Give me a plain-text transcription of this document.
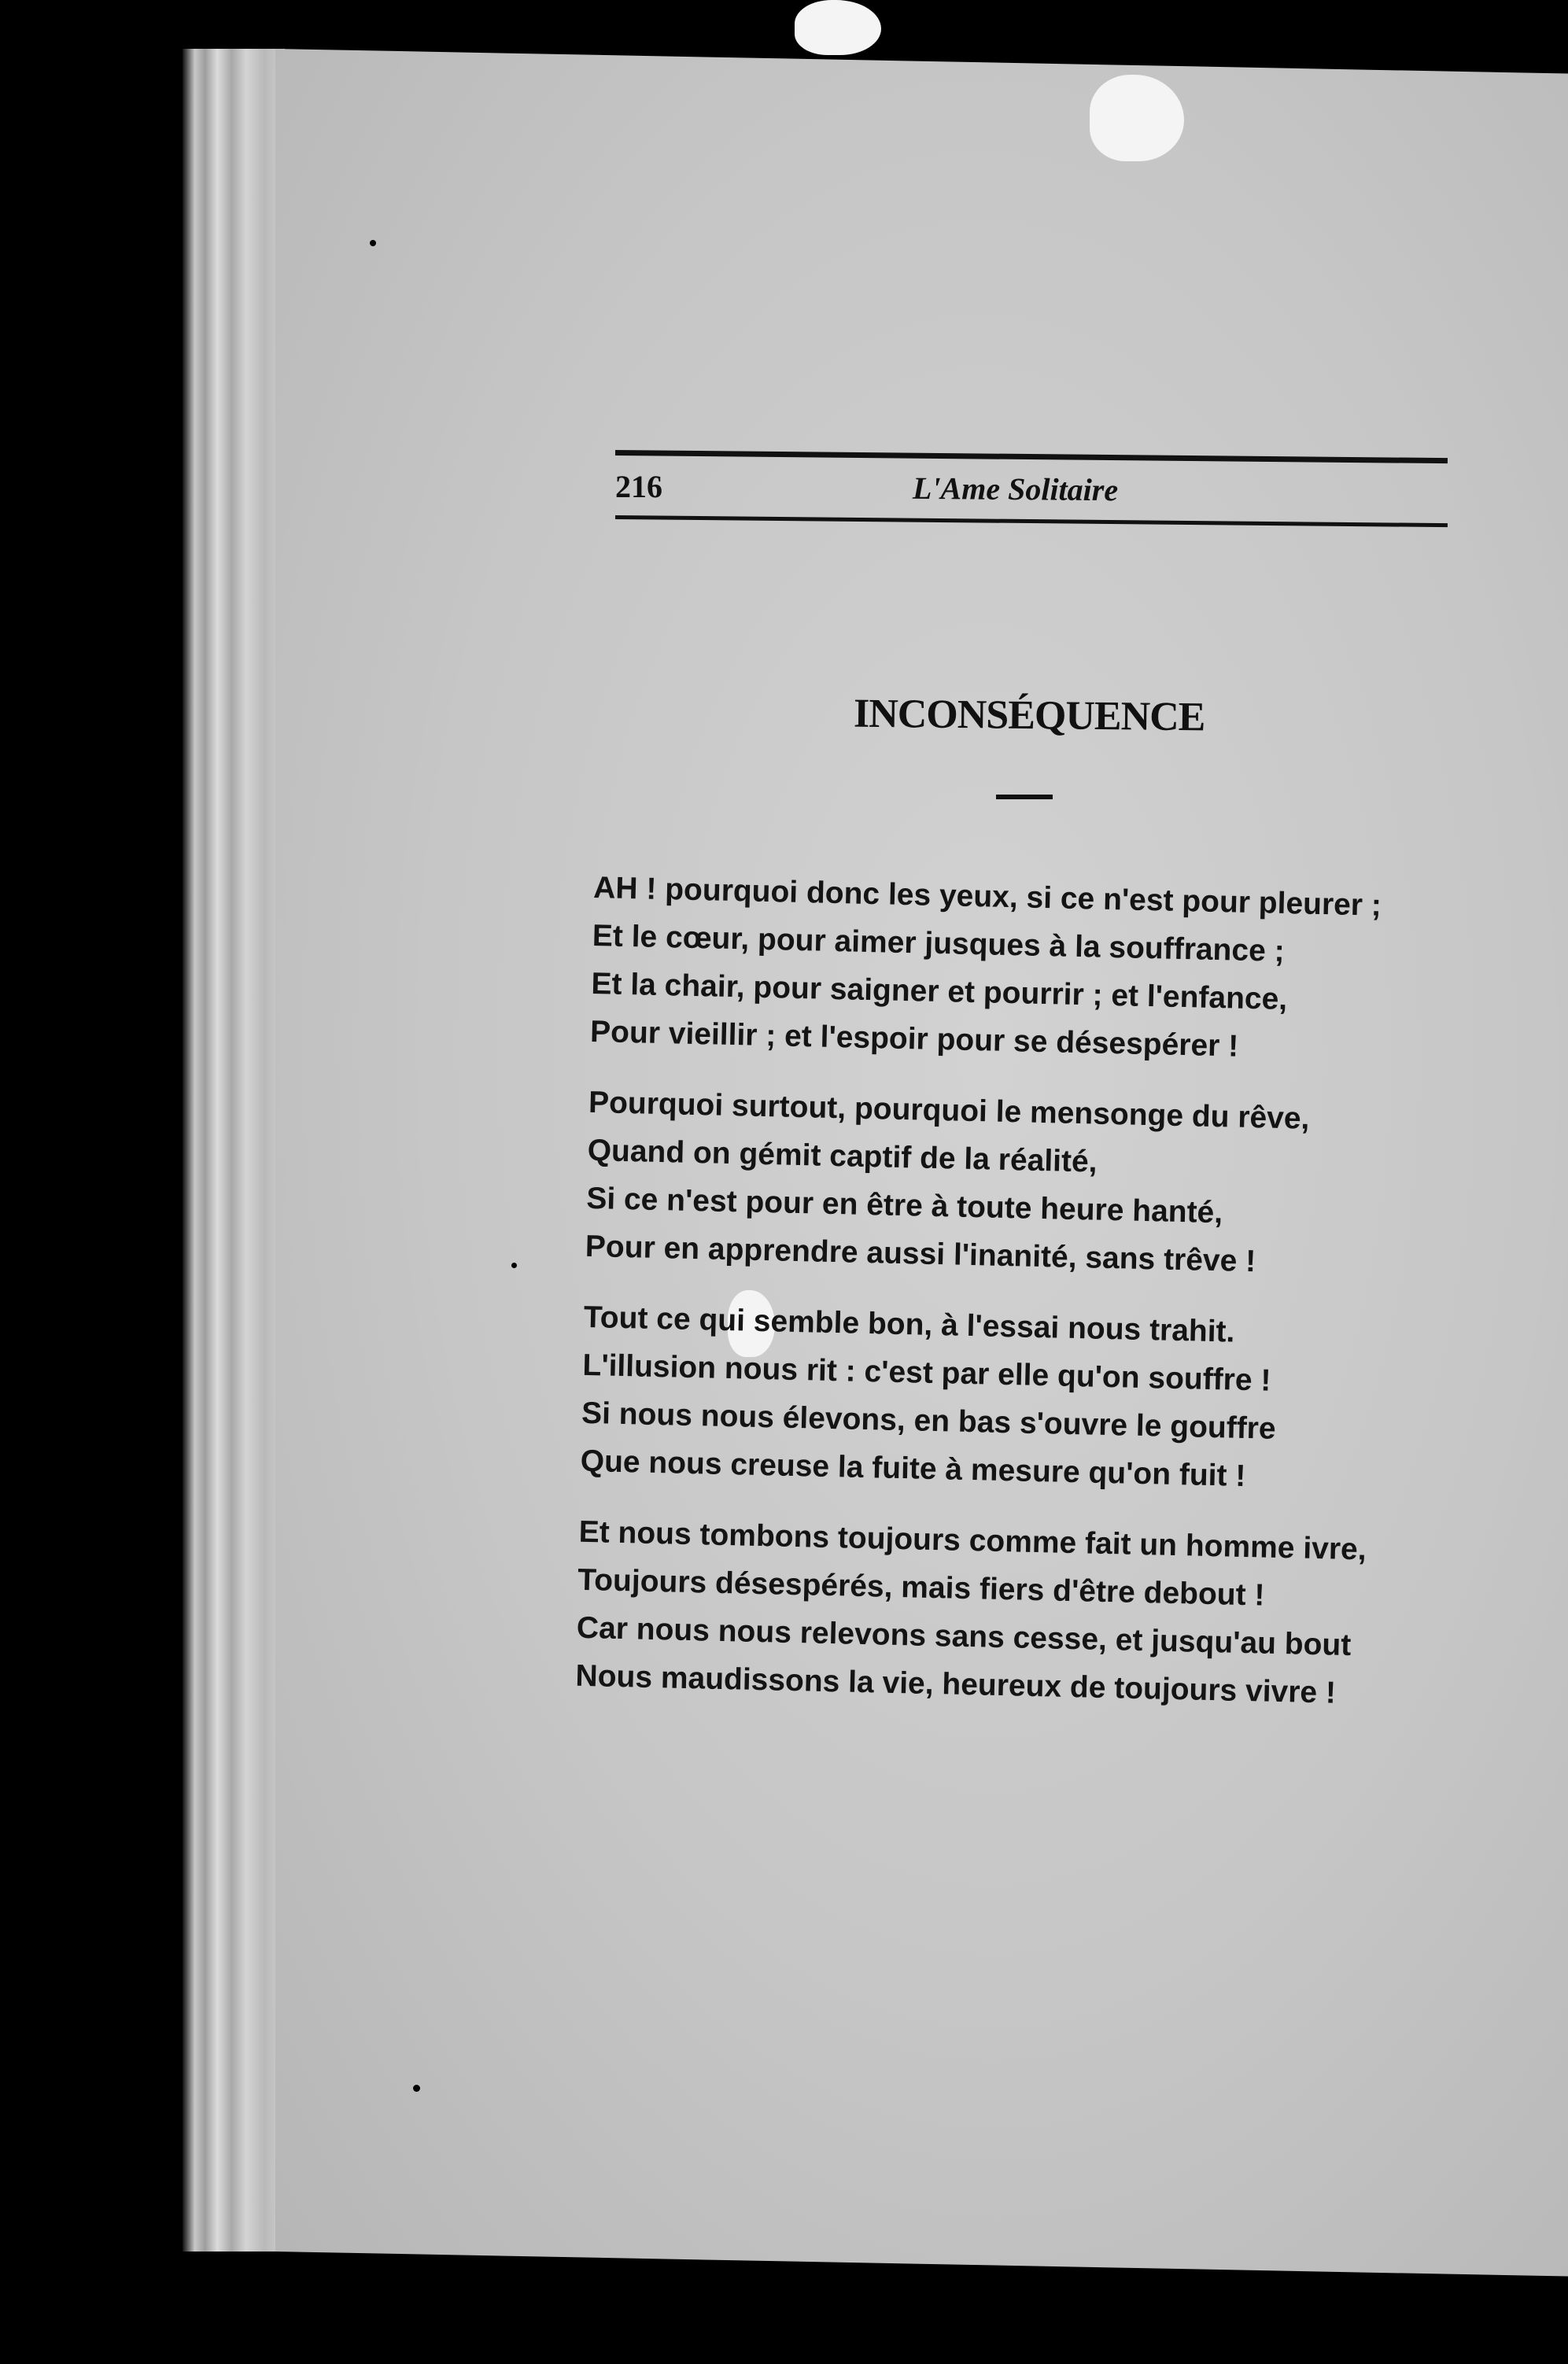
216	L'Ame Solitaire
INCONSÉQUENCE
AH ! pourquoi donc les yeux, si ce n'est pour pleurer ;
Et le cœur, pour aimer jusques à la souffrance ;
Et la chair, pour saigner et pourrir ; et l'enfance,
Pour vieillir ; et l'espoir pour se désespérer !
Pourquoi surtout, pourquoi le mensonge du rêve,
Quand on gémit captif de la réalité,
Si ce n'est pour en être à toute heure hanté,
Pour en apprendre aussi l'inanité, sans trêve !
Tout ce qui semble bon, à l'essai nous trahit.
L'illusion nous rit : c'est par elle qu'on souffre !
Si nous nous élevons, en bas s'ouvre le gouffre
Que nous creuse la fuite à mesure qu'on fuit !
Et nous tombons toujours comme fait un homme ivre,
Toujours désespérés, mais fiers d'être debout !
Car nous nous relevons sans cesse, et jusqu'au bout
Nous maudissons la vie, heureux de toujours vivre !
